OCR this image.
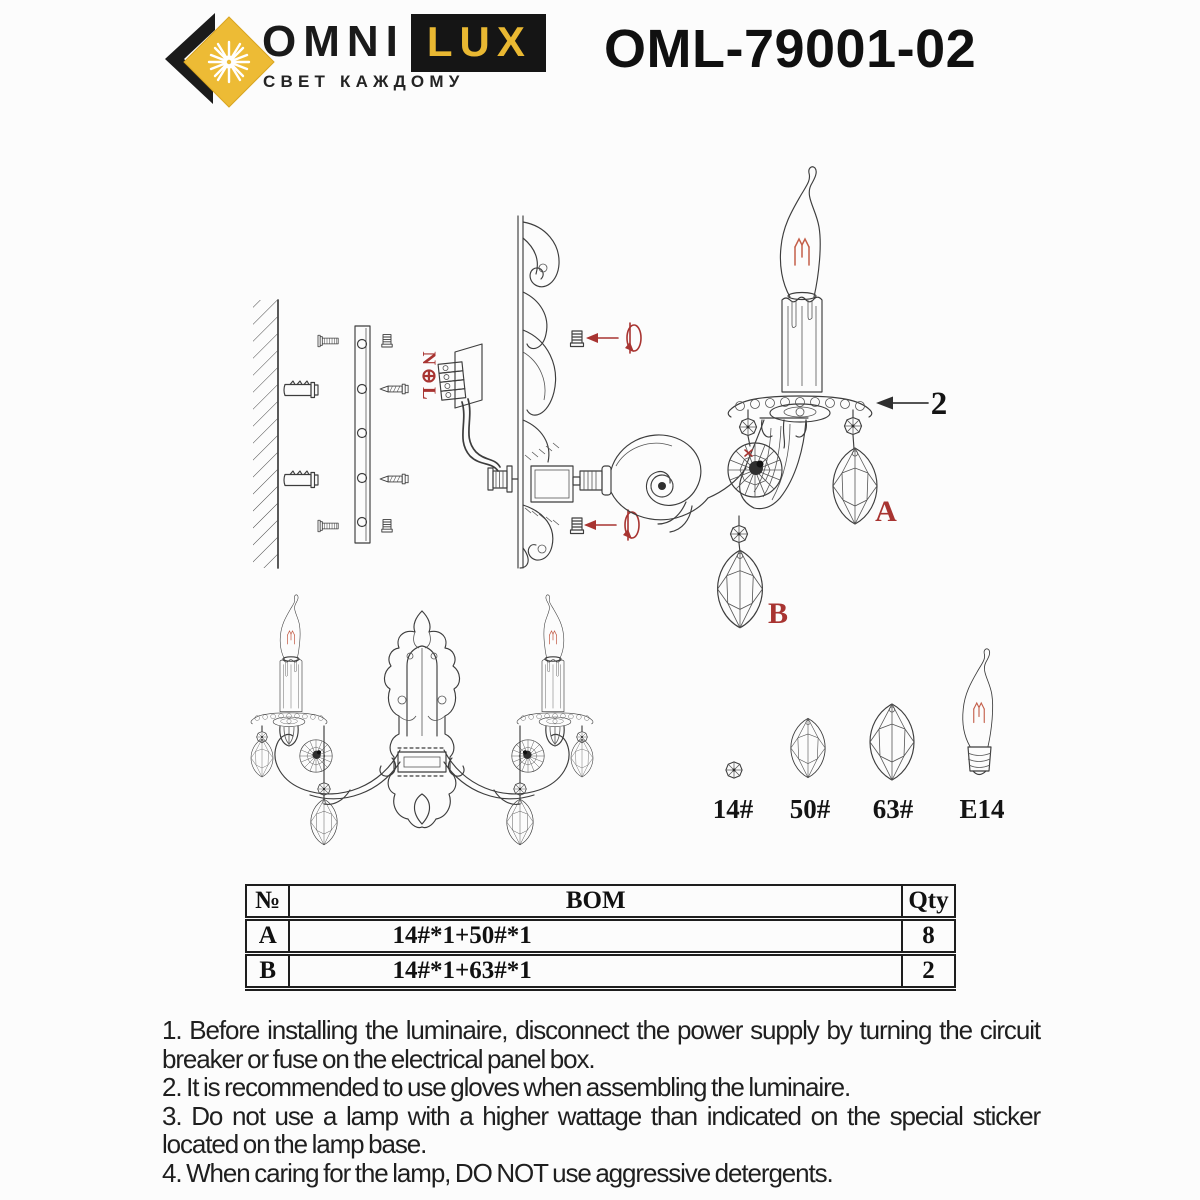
OMNI LUX
СВЕТ КАЖДОМУ
OML-79001-02
N⊕L
A
B
2
14# 50# 63# E14
№	BOM	Qty
A	14#*1+50#*1	8
B	14#*1+63#*1	2

1. Before installing the luminaire, disconnect the power supply by turning the circuit breaker or fuse on the electrical panel box.

2. It is recommended to use gloves when assembling the luminaire.

3. Do not use a lamp with a higher wattage than indicated on the special sticker located on the lamp base.

4. When caring for the lamp, DO NOT use aggressive detergents.
